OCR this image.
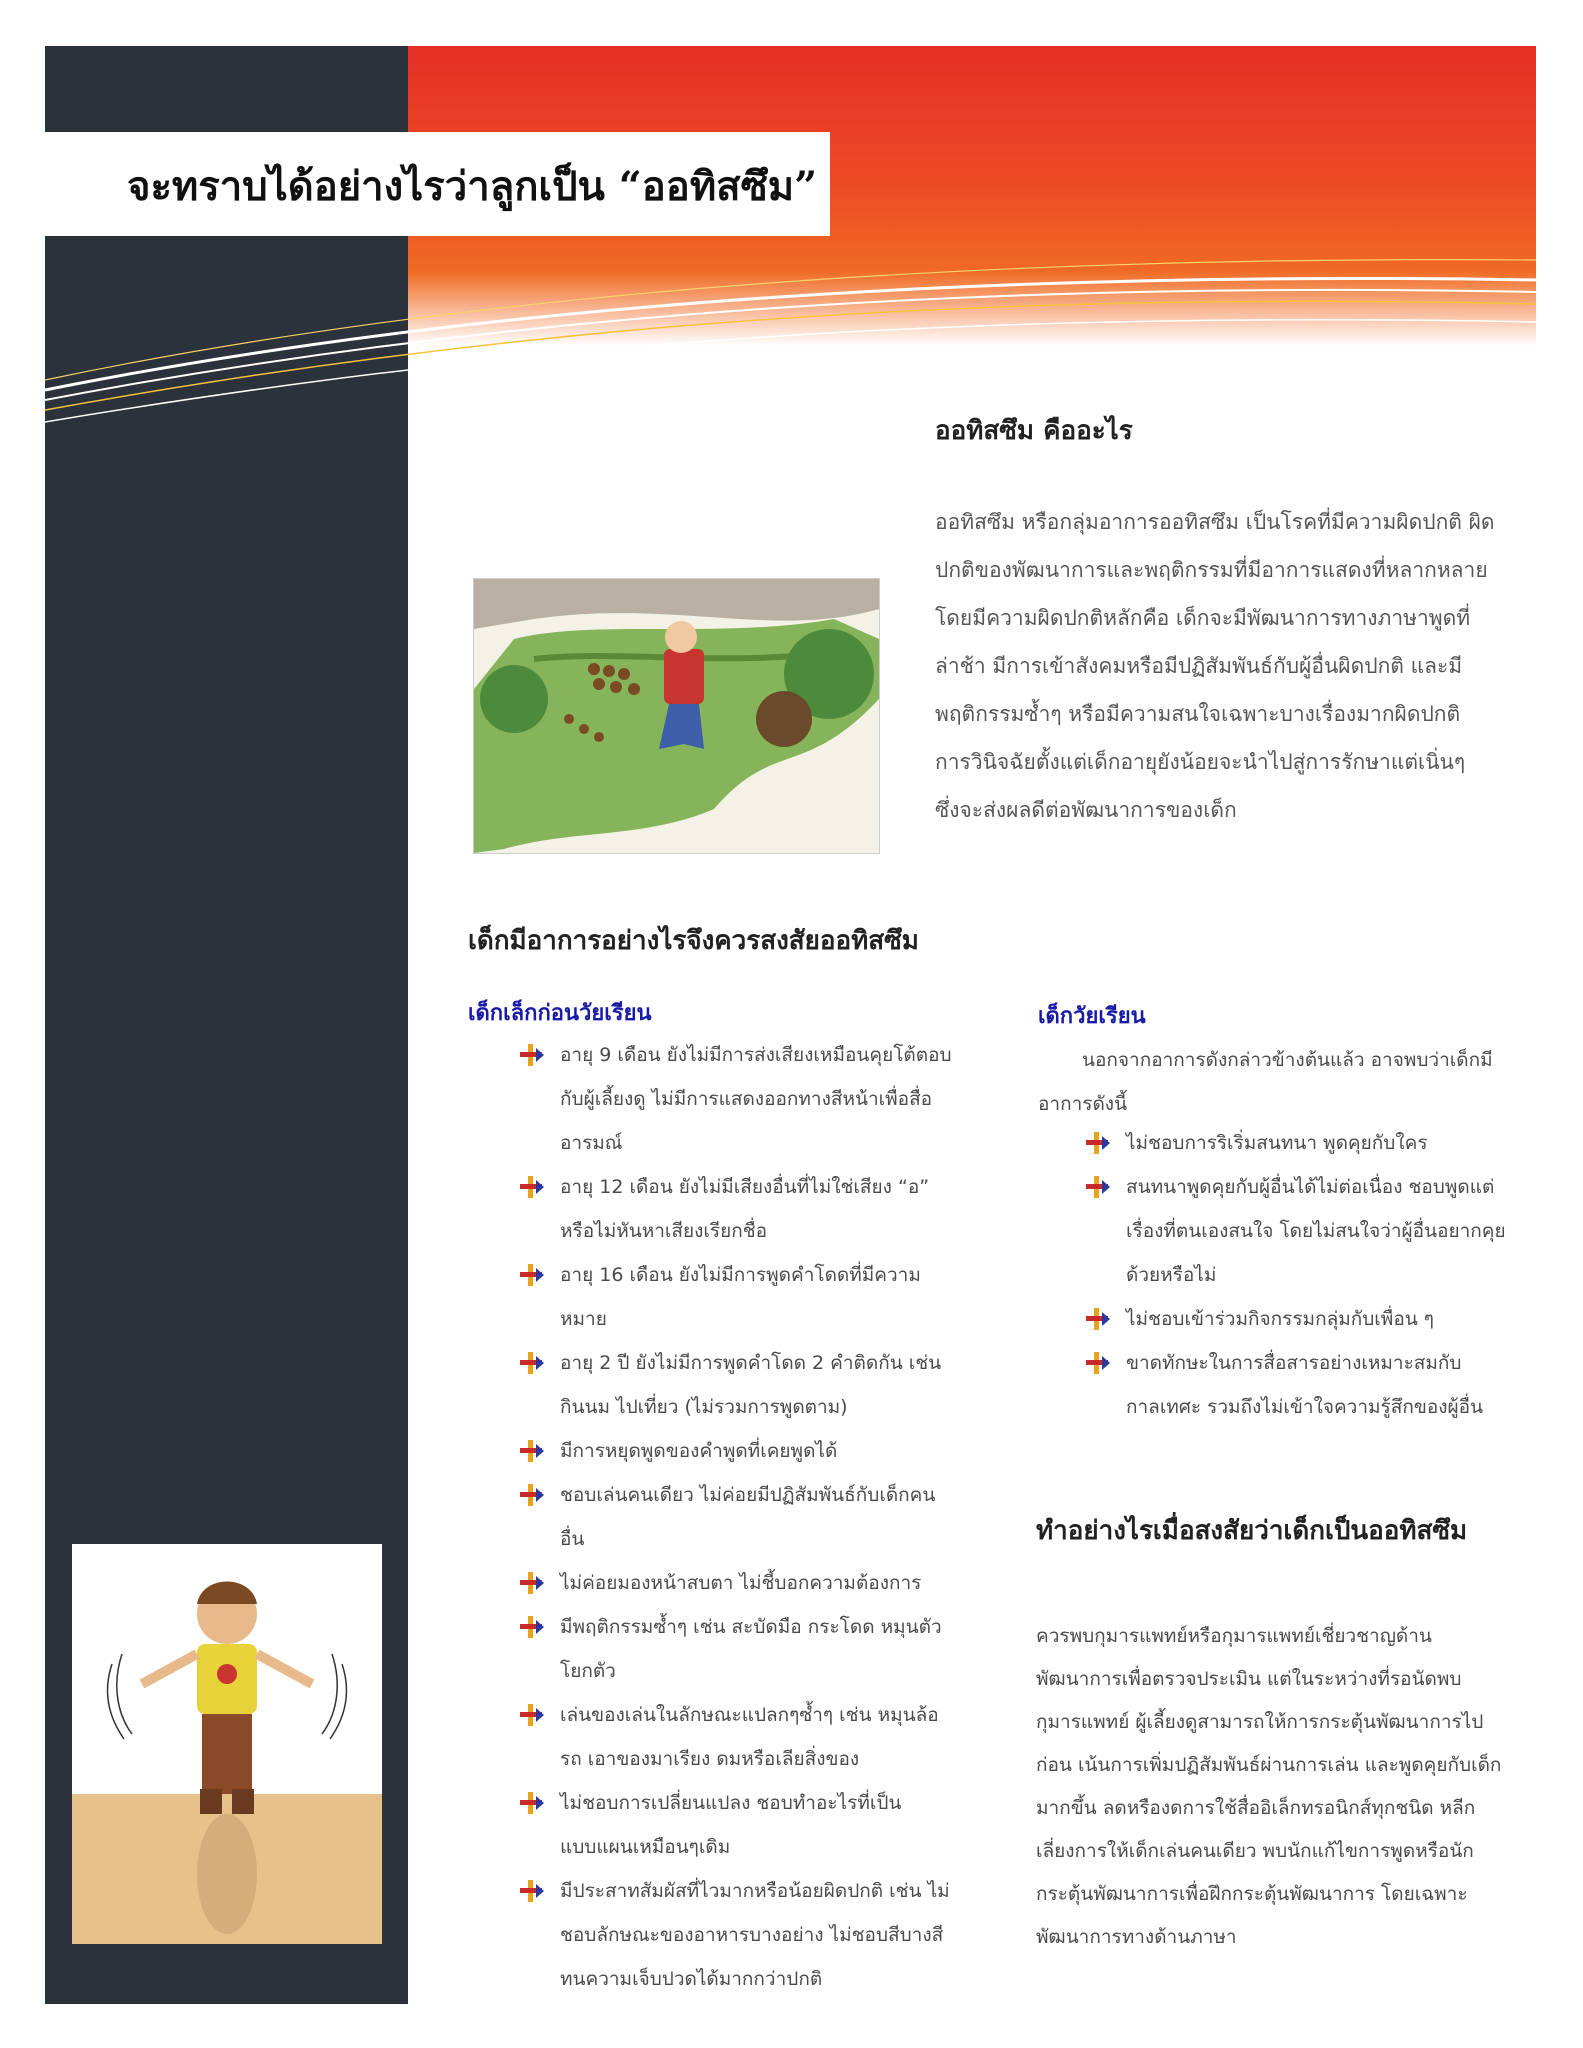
จะทราบได้อย่างไรว่าลูกเป็น “ออทิสซึม”
ออทิสซึม คืออะไร
ออทิสซึม หรือกลุ่มอาการออทิสซึม เป็นโรคที่มีความผิดปกติ ผิดปกติของพัฒนาการและพฤติกรรมที่มีอาการแสดงที่หลากหลาย โดยมีความผิดปกติหลักคือ เด็กจะมีพัฒนาการทางภาษาพูดที่ล่าช้า มีการเข้าสังคมหรือมีปฏิสัมพันธ์กับผู้อื่นผิดปกติ และมีพฤติกรรมซ้ำๆ หรือมีความสนใจเฉพาะบางเรื่องมากผิดปกติ การวินิจฉัยตั้งแต่เด็กอายุยังน้อยจะนำไปสู่การรักษาแต่เนิ่นๆ ซึ่งจะส่งผลดีต่อพัฒนาการของเด็ก
เด็กมีอาการอย่างไรจึงควรสงสัยออทิสซึม
เด็กเล็กก่อนวัยเรียน
อายุ 9 เดือน ยังไม่มีการส่งเสียงเหมือนคุยโต้ตอบกับผู้เลี้ยงดู ไม่มีการแสดงออกทางสีหน้าเพื่อสื่ออารมณ์
อายุ 12 เดือน ยังไม่มีเสียงอื่นที่ไม่ใช่เสียง “อ” หรือไม่หันหาเสียงเรียกชื่อ
อายุ 16 เดือน ยังไม่มีการพูดคำโดดที่มีความหมาย
อายุ 2 ปี ยังไม่มีการพูดคำโดด 2 คำติดกัน เช่น กินนม ไปเที่ยว (ไม่รวมการพูดตาม)
มีการหยุดพูดของคำพูดที่เคยพูดได้
ชอบเล่นคนเดียว ไม่ค่อยมีปฏิสัมพันธ์กับเด็กคนอื่น
ไม่ค่อยมองหน้าสบตา ไม่ชี้บอกความต้องการ
มีพฤติกรรมซ้ำๆ เช่น สะบัดมือ กระโดด หมุนตัว โยกตัว
เล่นของเล่นในลักษณะแปลกๆซ้ำๆ เช่น หมุนล้อรถ เอาของมาเรียง ดมหรือเลียสิ่งของ
ไม่ชอบการเปลี่ยนแปลง ชอบทำอะไรที่เป็นแบบแผนเหมือนๆเดิม
มีประสาทสัมผัสที่ไวมากหรือน้อยผิดปกติ เช่น ไม่ชอบลักษณะของอาหารบางอย่าง ไม่ชอบสีบางสี ทนความเจ็บปวดได้มากกว่าปกติ
เด็กวัยเรียน
นอกจากอาการดังกล่าวข้างต้นแล้ว อาจพบว่าเด็กมีอาการดังนี้
ไม่ชอบการริเริ่มสนทนา พูดคุยกับใคร
สนทนาพูดคุยกับผู้อื่นได้ไม่ต่อเนื่อง ชอบพูดแต่เรื่องที่ตนเองสนใจ โดยไม่สนใจว่าผู้อื่นอยากคุยด้วยหรือไม่
ไม่ชอบเข้าร่วมกิจกรรมกลุ่มกับเพื่อน ๆ
ขาดทักษะในการสื่อสารอย่างเหมาะสมกับกาลเทศะ รวมถึงไม่เข้าใจความรู้สึกของผู้อื่น
ทำอย่างไรเมื่อสงสัยว่าเด็กเป็นออทิสซึม
ควรพบกุมารแพทย์หรือกุมารแพทย์เชี่ยวชาญด้านพัฒนาการเพื่อตรวจประเมิน แต่ในระหว่างที่รอนัดพบกุมารแพทย์ ผู้เลี้ยงดูสามารถให้การกระตุ้นพัฒนาการไปก่อน เน้นการเพิ่มปฏิสัมพันธ์ผ่านการเล่น และพูดคุยกับเด็กมากขึ้น ลดหรืองดการใช้สื่ออิเล็กทรอนิกส์ทุกชนิด หลีกเลี่ยงการให้เด็กเล่นคนเดียว พบนักแก้ไขการพูดหรือนักกระตุ้นพัฒนาการเพื่อฝึกกระตุ้นพัฒนาการ โดยเฉพาะพัฒนาการทางด้านภาษา
